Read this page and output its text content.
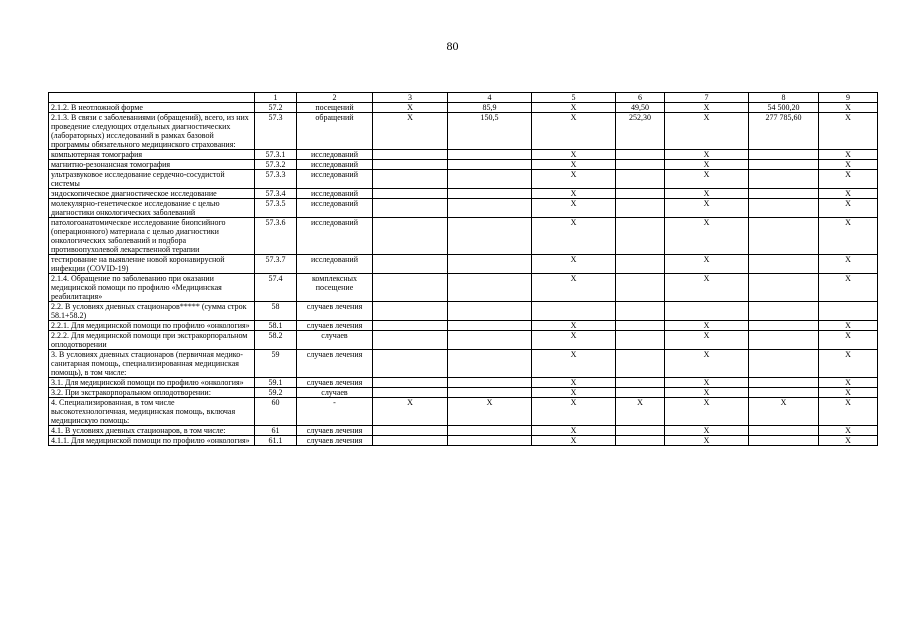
80
	1	2	3	4	5	6	7	8	9
2.1.2. В неотложной форме	57.2	посещений	X	85,9	X	49,50	X	54 500,20	X
2.1.3. В связи с заболеваниями (обращений), всего, из них проведение следующих отдельных диагностических (лабораторных) исследований в рамках базовой программы обязательного медицинского страхования:	57.3	обращений	X	150,5	X	252,30	X	277 785,60	X
компьютерная томография	57.3.1	исследований			X		X		X
магнитно-резонансная томография	57.3.2	исследований			X		X		X
ультразвуковое исследование сердечно-сосудистой системы	57.3.3	исследований			X		X		X
эндоскопическое диагностическое исследование	57.3.4	исследований			X		X		X
молекулярно-генетическое исследование с целью диагностики онкологических заболеваний	57.3.5	исследований			X		X		X
патологоанатомическое исследование биопсийного (операционного) материала с целью диагностики онкологических заболеваний и подбора противоопухолевой лекарственной терапии	57.3.6	исследований			X		X		X
тестирование на выявление новой коронавирусной инфекции (COVID-19)	57.3.7	исследований			X		X		X
2.1.4. Обращение по заболеванию при оказании медицинской помощи по профилю «Медицинская реабилитация»	57.4	комплексных посещение			X		X		X
2.2. В условиях дневных стационаров***** (сумма строк 58.1+58.2)	58	случаев лечения							
2.2.1. Для медицинской помощи по профилю «онкология»	58.1	случаев лечения			X		X		X
2.2.2. Для медицинской помощи при экстракорпоральном оплодотворении	58.2	случаев			X		X		X
3. В условиях дневных стационаров (первичная медико-санитарная помощь, специализированная медицинская помощь), в том числе:	59	случаев лечения			X		X		X
3.1. Для медицинской помощи по профилю «онкология»	59.1	случаев лечения			X		X		X
3.2. При экстракорпоральном оплодотворении:	59.2	случаев			X		X		X
4. Специализированная, в том числе высокотехнологичная, медицинская помощь, включая медицинскую помощь:	60	-	X	X	X	X	X	X	X
4.1. В условиях дневных стационаров, в том числе:	61	случаев лечения			X		X		X
4.1.1. Для медицинской помощи по профилю «онкология»	61.1	случаев лечения			X		X		X
